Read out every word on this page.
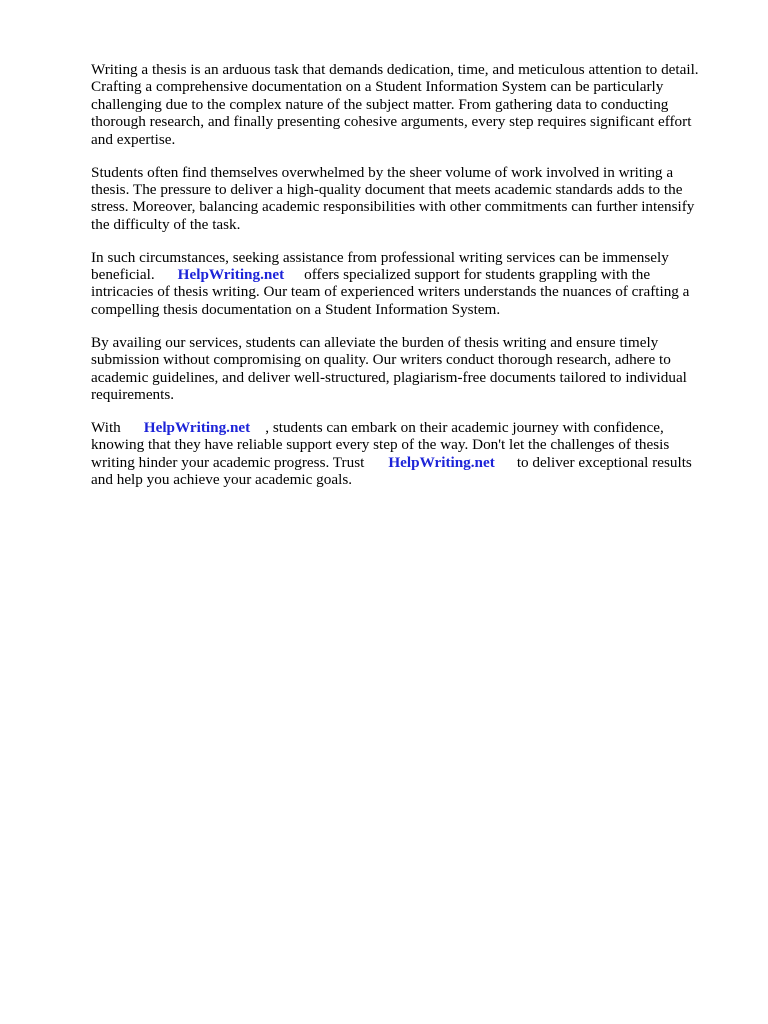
Writing a thesis is an arduous task that demands dedication, time, and meticulous attention to detail.
Crafting a comprehensive documentation on a Student Information System can be particularly
challenging due to the complex nature of the subject matter. From gathering data to conducting
thorough research, and finally presenting cohesive arguments, every step requires significant effort
and expertise.

Students often find themselves overwhelmed by the sheer volume of work involved in writing a
thesis. The pressure to deliver a high-quality document that meets academic standards adds to the
stress. Moreover, balancing academic responsibilities with other commitments can further intensify
the difficulty of the task.

In such circumstances, seeking assistance from professional writing services can be immensely
beneficial. HelpWriting.net offers specialized support for students grappling with the
intricacies of thesis writing. Our team of experienced writers understands the nuances of crafting a
compelling thesis documentation on a Student Information System.

By availing our services, students can alleviate the burden of thesis writing and ensure timely
submission without compromising on quality. Our writers conduct thorough research, adhere to
academic guidelines, and deliver well-structured, plagiarism-free documents tailored to individual
requirements.

With HelpWriting.net , students can embark on their academic journey with confidence,
knowing that they have reliable support every step of the way. Don't let the challenges of thesis
writing hinder your academic progress. Trust HelpWriting.net to deliver exceptional results
and help you achieve your academic goals.
